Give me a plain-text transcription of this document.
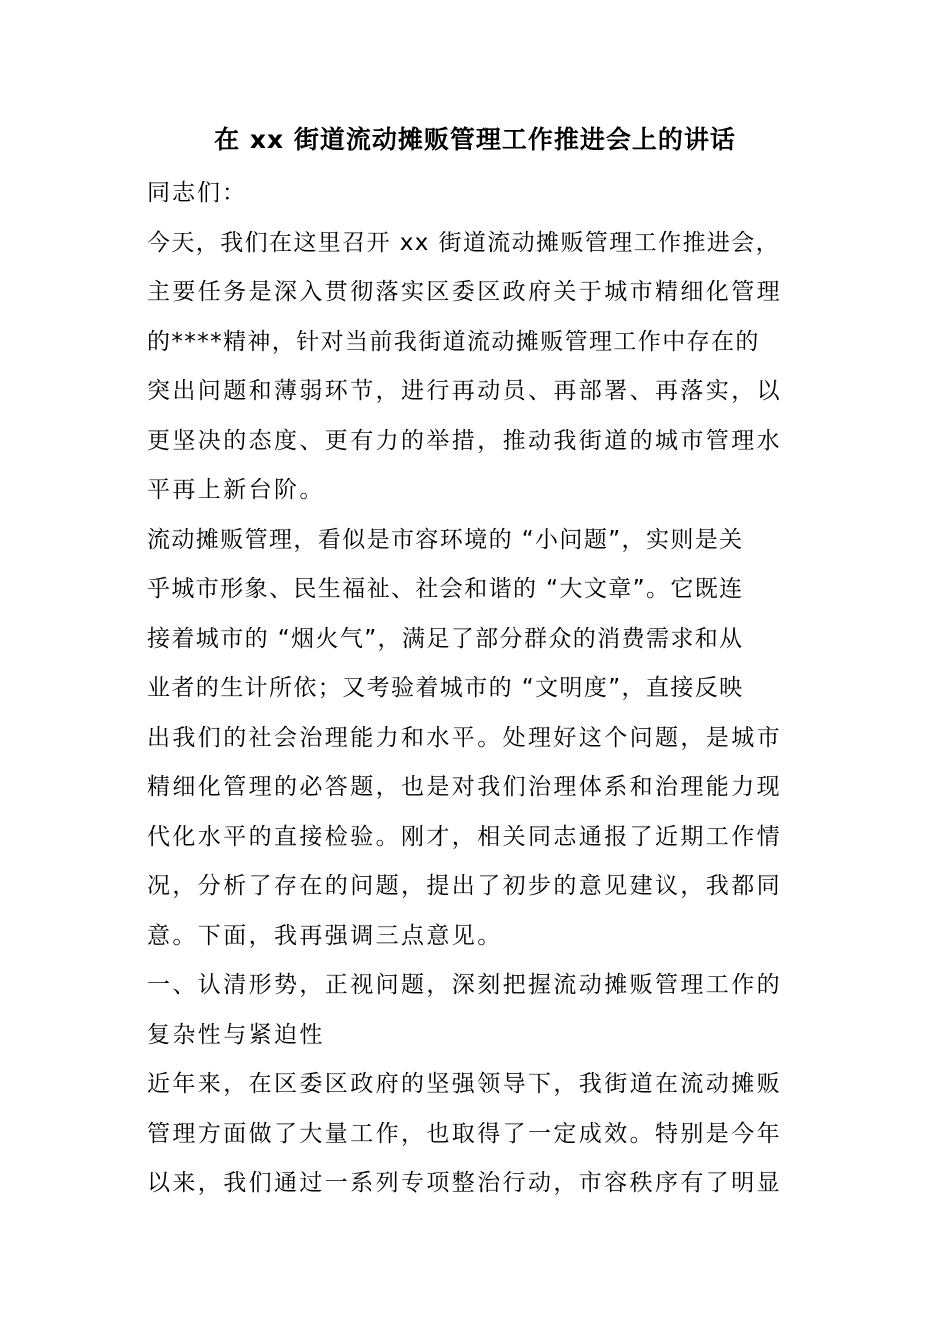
在 xx 街道流动摊贩管理工作推进会上的讲话
同志们：
今天，我们在这里召开 xx 街道流动摊贩管理工作推进会，
主要任务是深入贯彻落实区委区政府关于城市精细化管理
的****精神，针对当前我街道流动摊贩管理工作中存在的
突出问题和薄弱环节，进行再动员、再部署、再落实，以
更坚决的态度、更有力的举措，推动我街道的城市管理水
平再上新台阶。
流动摊贩管理，看似是市容环境的 “小问题”，实则是关
乎城市形象、民生福祉、社会和谐的 “大文章”。它既连
接着城市的 “烟火气”，满足了部分群众的消费需求和从
业者的生计所依；又考验着城市的 “文明度”，直接反映
出我们的社会治理能力和水平。处理好这个问题，是城市
精细化管理的必答题，也是对我们治理体系和治理能力现
代化水平的直接检验。刚才，相关同志通报了近期工作情
况，分析了存在的问题，提出了初步的意见建议，我都同
意。下面，我再强调三点意见。
一、认清形势，正视问题，深刻把握流动摊贩管理工作的
复杂性与紧迫性
近年来，在区委区政府的坚强领导下，我街道在流动摊贩
管理方面做了大量工作，也取得了一定成效。特别是今年
以来，我们通过一系列专项整治行动，市容秩序有了明显
